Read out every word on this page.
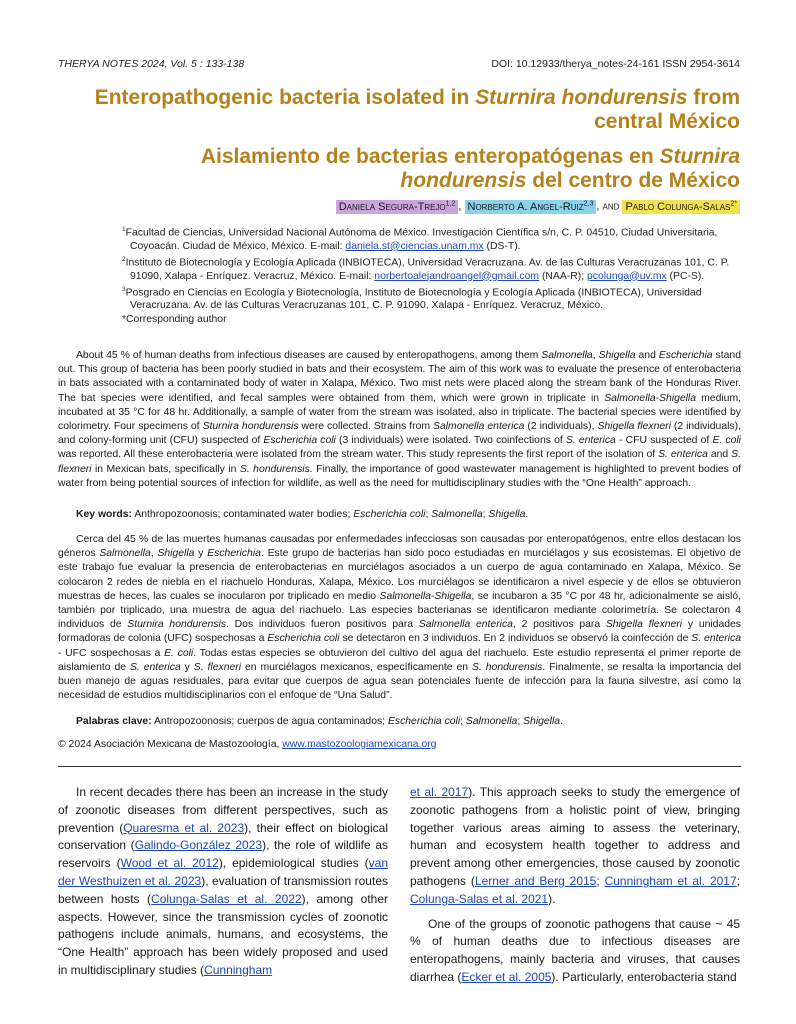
THERYA NOTES 2024, Vol. 5 : 133-138	DOI: 10.12933/therya_notes-24-161 ISSN 2954-3614
Enteropathogenic bacteria isolated in Sturnira hondurensis from central México
Aislamiento de bacterias enteropatógenas en Sturnira hondurensis del centro de México
Daniela Segura-Trejo$^{1,2}$ , Norberto A. Angel-Ruiz$^{2,3}$ , and Pablo Colunga-Salas$^{2*}$

$^1$Facultad de Ciencias, Universidad Nacional Autónoma de México. Investigación Científica s/n, C. P. 04510, Ciudad Universitaria, Coyoacán. Ciudad de México, México. E-mail: daniela.st@ciencias.unam.mx (DS-T).

$^2$Instituto de Biotecnología y Ecología Aplicada (INBIOTECA), Universidad Veracruzana. Av. de las Culturas Veracruzanas 101, C. P. 91090, Xalapa - Enríquez. Veracruz, México. E-mail: norbertoalejandroangel@gmail.com (NAA-R); pcolunga@uv.mx (PC-S).

$^3$Posgrado en Ciencias en Ecología y Biotecnología, Instituto de Biotecnología y Ecología Aplicada (INBIOTECA), Universidad Veracruzana. Av. de las Culturas Veracruzanas 101, C. P. 91090, Xalapa - Enríquez. Veracruz, México.

*Corresponding author

About 45 % of human deaths from infectious diseases are caused by enteropathogens, among them Salmonella, Shigella and Escherichia stand out. This group of bacteria has been poorly studied in bats and their ecosystem. The aim of this work was to evaluate the presence of enterobacteria in bats associated with a contaminated body of water in Xalapa, México. Two mist nets were placed along the stream bank of the Honduras River. The bat species were identified, and fecal samples were obtained from them, which were grown in triplicate in Salmonella-Shigella medium, incubated at 35 °C for 48 hr. Additionally, a sample of water from the stream was isolated, also in triplicate. The bacterial species were identified by colorimetry. Four specimens of Sturnira hondurensis were collected. Strains from Salmonella enterica (2 individuals), Shigella flexneri (2 individuals), and colony-forming unit (CFU) suspected of Escherichia coli (3 individuals) were isolated. Two coinfections of S. enterica - CFU suspected of E. coli was reported. All these enterobacteria were isolated from the stream water. This study represents the first report of the isolation of S. enterica and S. flexneri in Mexican bats, specifically in S. hondurensis. Finally, the importance of good wastewater management is highlighted to prevent bodies of water from being potential sources of infection for wildlife, as well as the need for multidisciplinary studies with the “One Health” approach.

Key words: Anthropozoonosis; contaminated water bodies; Escherichia coli; Salmonella; Shigella.

Cerca del 45 % de las muertes humanas causadas por enfermedades infecciosas son causadas por enteropatógenos, entre ellos destacan los géneros Salmonella, Shigella y Escherichia. Este grupo de bacterias han sido poco estudiadas en murciélagos y sus ecosistemas. El objetivo de este trabajo fue evaluar la presencia de enterobacterias en murciélagos asociados a un cuerpo de agua contaminado en Xalapa, México. Se colocaron 2 redes de niebla en el riachuelo Honduras, Xalapa, México. Los murciélagos se identificaron a nivel especie y de ellos se obtuvieron muestras de heces, las cuales se inocularon por triplicado en medio Salmonella-Shigella, se incubaron a 35 °C por 48 hr, adicionalmente se aisló, también por triplicado, una muestra de agua del riachuelo. Las especies bacterianas se identificaron mediante colorimetría. Se colectaron 4 individuos de Sturnira hondurensis. Dos individuos fueron positivos para Salmonella enterica, 2 positivos para Shigella flexneri y unidades formadoras de colonia (UFC) sospechosas a Escherichia coli se detectaron en 3 individuos. En 2 individuos se observó la coinfección de S. enterica - UFC sospechosas a E. coli. Todas estas especies se obtuvieron del cultivo del agua del riachuelo. Este estudio representa el primer reporte de aislamiento de S. enterica y S. flexneri en murciélagos mexicanos, específicamente en S. hondurensis. Finalmente, se resalta la importancia del buen manejo de aguas residuales, para evitar que cuerpos de agua sean potenciales fuente de infección para la fauna silvestre, así como la necesidad de estudios multidisciplinarios con el enfoque de “Una Salud”.

Palabras clave: Antropozoonosis; cuerpos de agua contaminados; Escherichia coli; Salmonella; Shigella.

© 2024 Asociación Mexicana de Mastozoología, www.mastozoologiamexicana.org

In recent decades there has been an increase in the study of zoonotic diseases from different perspectives, such as prevention (Quaresma et al. 2023), their effect on biological conservation (Galindo-González 2023), the role of wildlife as reservoirs (Wood et al. 2012), epidemiological studies (van der Westhuizen et al. 2023), evaluation of transmission routes between hosts (Colunga-Salas et al. 2022), among other aspects. However, since the transmission cycles of zoonotic pathogens include animals, humans, and ecosystems, the “One Health” approach has been widely proposed and used in multidisciplinary studies (Cunningham

et al. 2017). This approach seeks to study the emergence of zoonotic pathogens from a holistic point of view, bringing together various areas aiming to assess the veterinary, human and ecosystem health together to address and prevent among other emergencies, those caused by zoonotic pathogens (Lerner and Berg 2015; Cunningham et al. 2017; Colunga-Salas et al. 2021).

One of the groups of zoonotic pathogens that cause ~ 45 % of human deaths due to infectious diseases are enteropathogens, mainly bacteria and viruses, that causes diarrhea (Ecker et al. 2005). Particularly, enterobacteria stand
